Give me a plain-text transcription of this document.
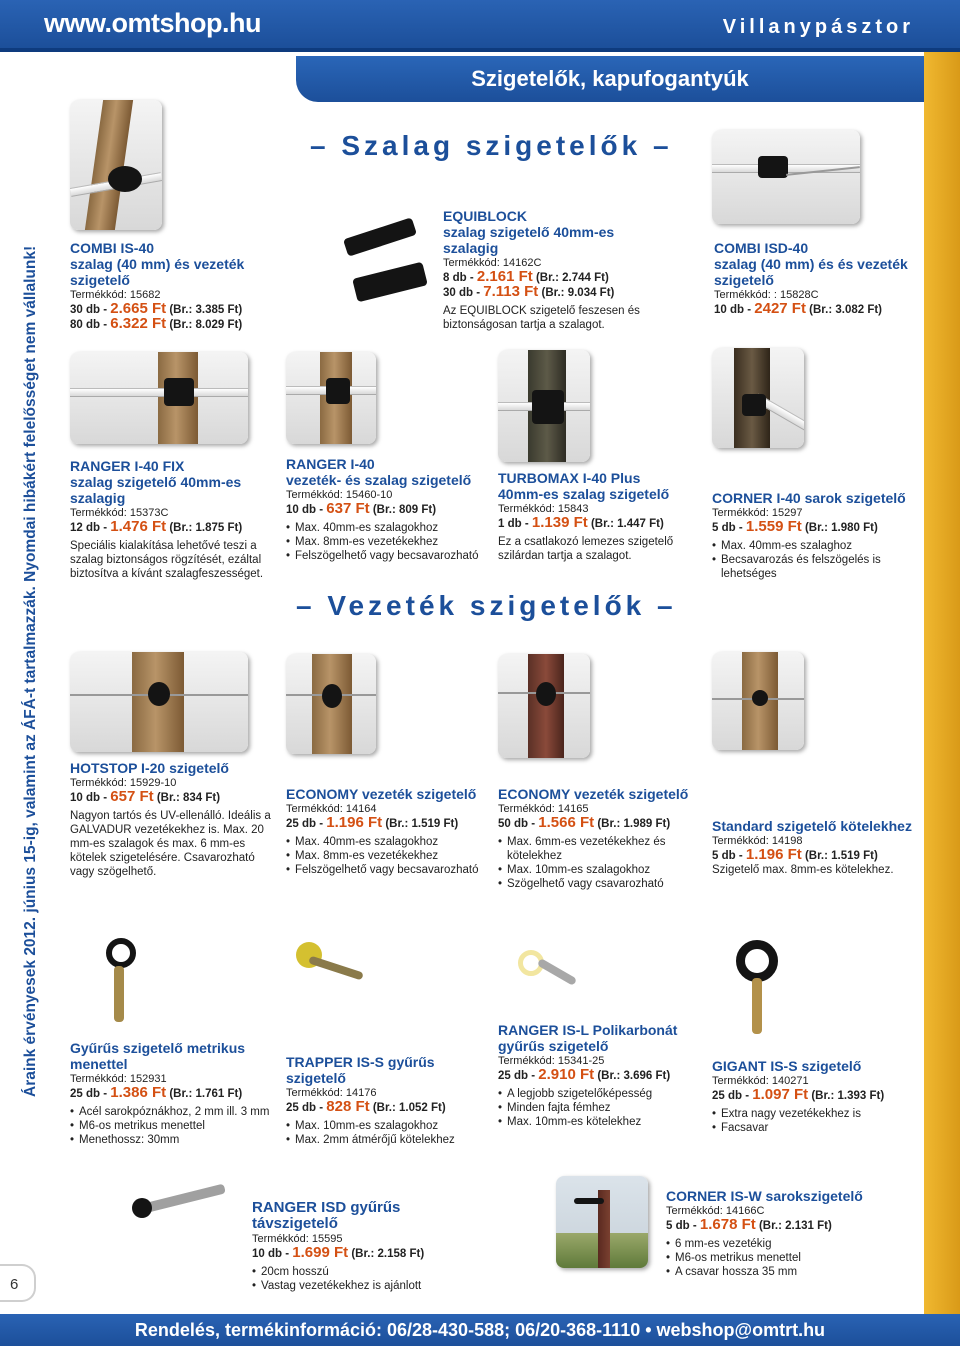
www.omtshop.hu	Villanypásztor
Szigetelők, kapufogantyúk
Áraink érvényesek 2012. június 15-ig, valamint az ÁFÁ-t tartalmazzák. Nyomdai hibákért felelősséget nem vállalunk!
– Szalag szigetelők –
– Vezeték szigetelők –
COMBI IS-40
szalag (40 mm) és vezeték szigetelő
Termékkód: 15682
30 db - 2.665 Ft (Br.: 3.385 Ft)
80 db - 6.322 Ft (Br.: 8.029 Ft)
EQUIBLOCK
szalag szigetelő 40mm-es szalagig
Termékkód: 14162C
8 db - 2.161 Ft (Br.: 2.744 Ft)
30 db - 7.113 Ft (Br.: 9.034 Ft)
Az EQUIBLOCK szigetelő feszesen és biztonságosan tartja a szalagot.
COMBI ISD-40
szalag (40 mm) és és vezeték szigetelő
Termékkód: : 15828C
10 db - 2427 Ft (Br.: 3.082 Ft)
RANGER I-40 FIX
szalag szigetelő 40mm-es szalagig
Termékkód: 15373C
12 db - 1.476 Ft (Br.: 1.875 Ft)
Speciális kialakítása lehetővé teszi a szalag biztonságos rögzítését, ezáltal biztosítva a kívánt szalagfeszességet.
RANGER I-40
vezeték- és szalag szigetelő
Termékkód: 15460-10
10 db - 637 Ft (Br.: 809 Ft)
• Max. 40mm-es szalagokhoz
• Max. 8mm-es vezetékekhez
• Felszögelhető vagy becsavarozható
TURBOMAX I-40 Plus
40mm-es szalag szigetelő
Termékkód: 15843
1 db - 1.139 Ft (Br.: 1.447 Ft)
Ez a csatlakozó lemezes szigetelő szilárdan tartja a szalagot.
CORNER I-40 sarok szigetelő
Termékkód: 15297
5 db - 1.559 Ft (Br.: 1.980 Ft)
• Max. 40mm-es szalaghoz
• Becsavarozás és felszögelés is lehetséges
HOTSTOP I-20 szigetelő
Termékkód: 15929-10
10 db - 657 Ft (Br.: 834 Ft)
Nagyon tartós és UV-ellenálló. Ideális a GALVADUR vezetékekhez is. Max. 20 mm-es szalagok és max. 6 mm-es kötelek szigetelésére. Csavarozható vagy szögelhető.
ECONOMY vezeték szigetelő
Termékkód: 14164
25 db - 1.196 Ft (Br.: 1.519 Ft)
• Max. 40mm-es szalagokhoz
• Max. 8mm-es vezetékekhez
• Felszögelhető vagy becsavarozható
ECONOMY vezeték szigetelő
Termékkód: 14165
50 db - 1.566 Ft (Br.: 1.989 Ft)
• Max. 6mm-es vezetékekhez és kötelekhez
• Max. 10mm-es szalagokhoz
• Szögelhető vagy csavarozható
Standard szigetelő kötelekhez
Termékkód: 14198
5 db - 1.196 Ft (Br.: 1.519 Ft)
Szigetelő max. 8mm-es kötelekhez.
Gyűrűs szigetelő metrikus menettel
Termékkód: 152931
25 db - 1.386 Ft (Br.: 1.761 Ft)
• Acél sarokpóznákhoz, 2 mm ill. 3 mm
• M6-os metrikus menettel
• Menethossz: 30mm
TRAPPER IS-S gyűrűs szigetelő
Termékkód: 14176
25 db - 828 Ft (Br.: 1.052 Ft)
• Max. 10mm-es szalagokhoz
• Max. 2mm átmérőjű kötelekhez
RANGER IS-L Polikarbonát
gyűrűs szigetelő
Termékkód: 15341-25
25 db - 2.910 Ft (Br.: 3.696 Ft)
• A legjobb szigetelőképesség
• Minden fajta fémhez
• Max. 10mm-es kötelekhez
GIGANT IS-S szigetelő
Termékkód: 140271
25 db - 1.097 Ft (Br.: 1.393 Ft)
• Extra nagy vezetékekhez is
• Facsavar
RANGER ISD gyűrűs távszigetelő
Termékkód: 15595
10 db - 1.699 Ft (Br.: 2.158 Ft)
• 20cm hosszú
• Vastag vezetékekhez is ajánlott
CORNER IS-W sarokszigetelő
Termékkód: 14166C
5 db - 1.678 Ft (Br.: 2.131 Ft)
• 6 mm-es vezetékig
• M6-os metrikus menettel
• A csavar hossza 35 mm
6
Rendelés, termékinformáció: 06/28-430-588; 06/20-368-1110 • webshop@omtrt.hu
